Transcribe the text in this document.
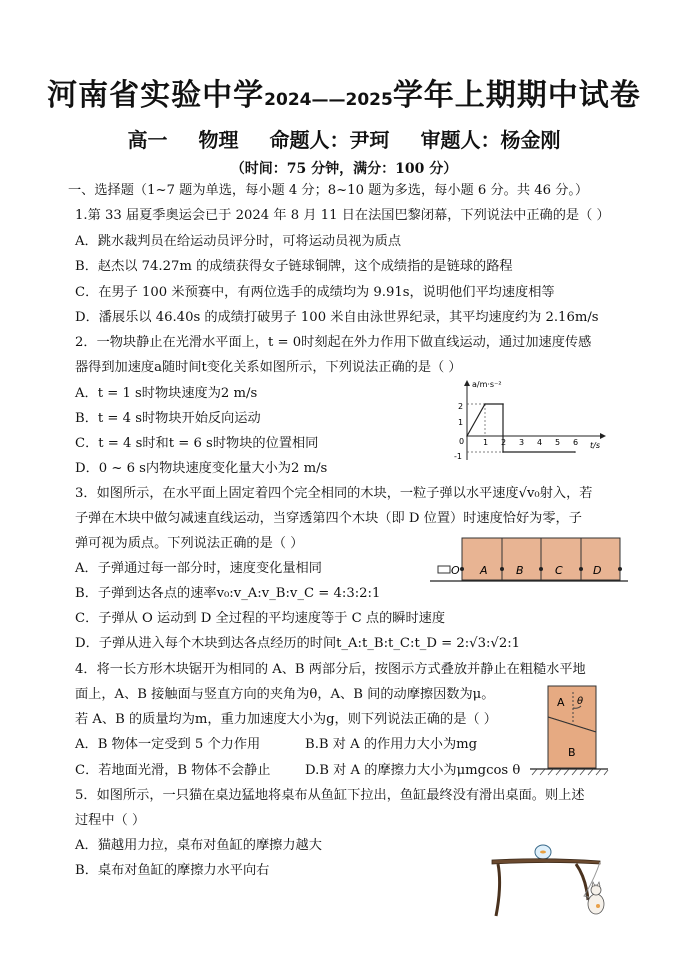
河南省实验中学2024——2025学年上期期中试卷
高一 物理 命题人：尹珂 审题人：杨金刚
（时间：75 分钟，满分：100 分）
一、选择题（1~7 题为单选，每小题 4 分；8~10 题为多选，每小题 6 分。共 46 分。）
1.第 33 届夏季奥运会已于 2024 年 8 月 11 日在法国巴黎闭幕，下列说法中正确的是（ ）
A．跳水裁判员在给运动员评分时，可将运动员视为质点
B．赵杰以 74.27m 的成绩获得女子链球铜牌，这个成绩指的是链球的路程
C．在男子 100 米预赛中，有两位选手的成绩均为 9.91s，说明他们平均速度相等
D．潘展乐以 46.40s 的成绩打破男子 100 米自由泳世界纪录，其平均速度约为 2.16m/s
2．一物块静止在光滑水平面上，t = 0时刻起在外力作用下做直线运动，通过加速度传感
器得到加速度a随时间t变化关系如图所示，下列说法正确的是（ ）
A．t = 1 s时物块速度为2 m/s
B．t = 4 s时物块开始反向运动
C．t = 4 s时和t = 6 s时物块的位置相同
D．0 ~ 6 s内物块速度变化量大小为2 m/s
a/m·s⁻²
t/s
0
2
1
-1
1 2 3 4 5 6
3．如图所示，在水平面上固定着四个完全相同的木块，一粒子弹以水平速度√v₀射入，若
子弹在木块中做匀减速直线运动，当穿透第四个木块（即 D 位置）时速度恰好为零，子
弹可视为质点。下列说法正确的是（ ）
A．子弹通过每一部分时，速度变化量相同
B．子弹到达各点的速率v₀:v_A:v_B:v_C = 4:3:2:1
C．子弹从 O 运动到 D 全过程的平均速度等于 C 点的瞬时速度
D．子弹从进入每个木块到达各点经历的时间t_A:t_B:t_C:t_D = 2:√3:√2:1
O A	B	C	D
4．将一长方形木块锯开为相同的 A、B 两部分后，按图示方式叠放并静止在粗糙水平地
面上，A、B 接触面与竖直方向的夹角为θ，A、B 间的动摩擦因数为μ。
若 A、B 的质量均为m，重力加速度大小为g，则下列说法正确的是（ ）
A．B 物体一定受到 5 个力作用	B.B 对 A 的作用力大小为mg
C．若地面光滑，B 物体不会静止	D.B 对 A 的摩擦力大小为μmgcos θ
A θ
B
5．如图所示，一只猫在桌边猛地将桌布从鱼缸下拉出，鱼缸最终没有滑出桌面。则上述
过程中（ ）
A．猫越用力拉，桌布对鱼缸的摩擦力越大
B．桌布对鱼缸的摩擦力水平向右
